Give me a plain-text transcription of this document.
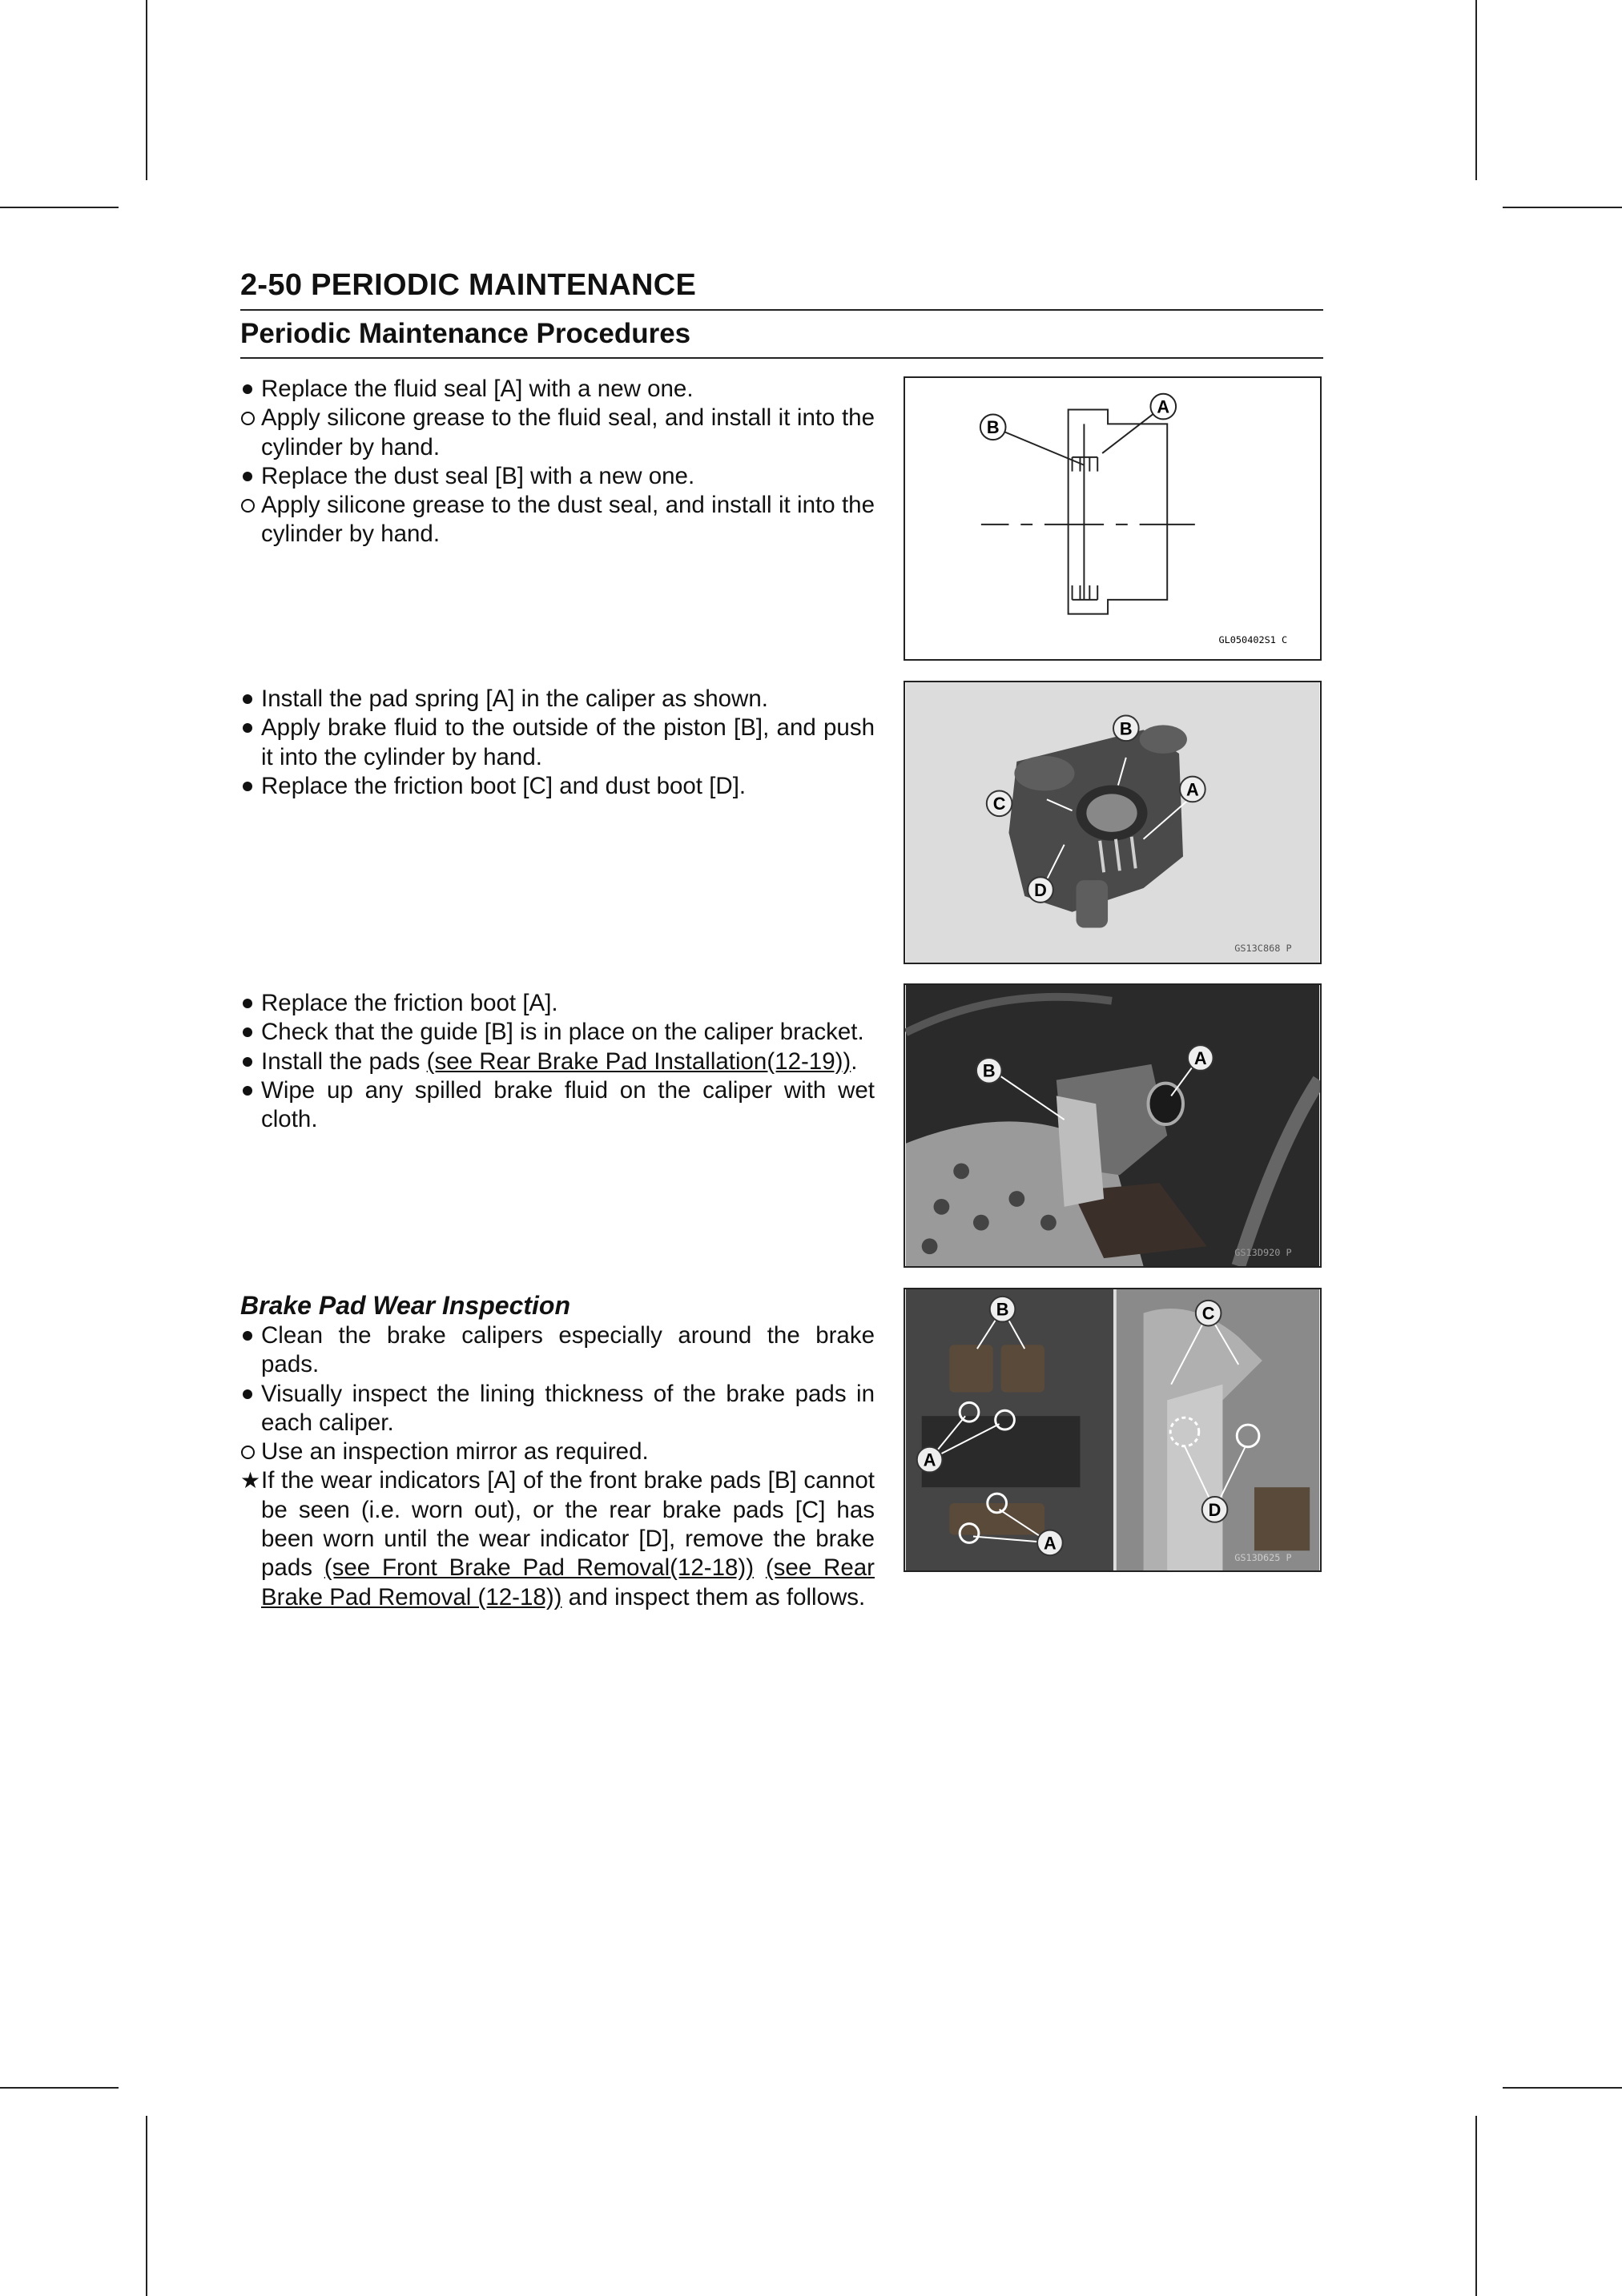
2-50 PERIODIC MAINTENANCE
Periodic Maintenance Procedures
Replace the fluid seal [A] with a new one.
Apply silicone grease to the fluid seal, and install it into the cylinder by hand.
Replace the dust seal [B] with a new one.
Apply silicone grease to the dust seal, and install it into the cylinder by hand.
Install the pad spring [A] in the caliper as shown.
Apply brake fluid to the outside of the piston [B], and push it into the cylinder by hand.
Replace the friction boot [C] and dust boot [D].
Replace the friction boot [A].
Check that the guide [B] is in place on the caliper bracket.
Install the pads (see Rear Brake Pad Installation(12-19)).
Wipe up any spilled brake fluid on the caliper with wet cloth.
Brake Pad Wear Inspection
Clean the brake calipers especially around the brake pads.
Visually inspect the lining thickness of the brake pads in each caliper.
Use an inspection mirror as required.
★ If the wear indicators [A] of the front brake pads [B] cannot be seen (i.e. worn out), or the rear brake pads [C] has been worn until the wear indicator [D], remove the brake pads (see Front Brake Pad Removal(12-18)) (see Rear Brake Pad Removal (12-18)) and inspect them as follows.
B
A
GL050402S1 C
C
B
A
D
GS13C868 P
B
A
GS13D920 P
A
B
A
C
D
GS13D625 P
